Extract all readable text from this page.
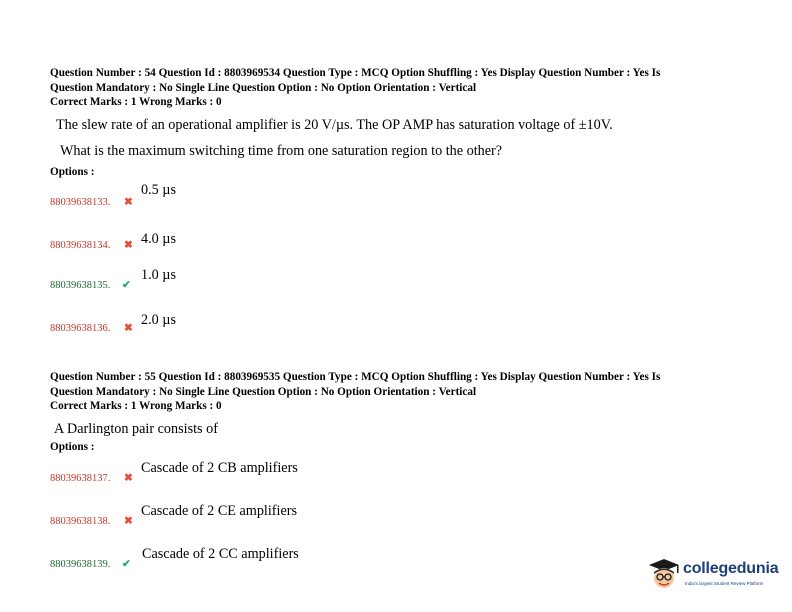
Question Number : 54 Question Id : 8803969534 Question Type : MCQ Option Shuffling : Yes Display Question Number : Yes Is
Question Mandatory : No Single Line Question Option : No Option Orientation : Vertical
Correct Marks : 1 Wrong Marks : 0
The slew rate of an operational amplifier is 20 V/µs. The OP AMP has saturation voltage of ±10V.
What is the maximum switching time from one saturation region to the other?
Options :
88039638133. ✖
0.5 µs
88039638134. ✖ 4.0 µs
88039638135. ✔
1.0 µs
88039638136. ✖
2.0 µs
Question Number : 55 Question Id : 8803969535 Question Type : MCQ Option Shuffling : Yes Display Question Number : Yes Is
Question Mandatory : No Single Line Question Option : No Option Orientation : Vertical
Correct Marks : 1 Wrong Marks : 0
A Darlington pair consists of
Options :
88039638137. ✖
Cascade of 2 CB amplifiers
88039638138. ✖
Cascade of 2 CE amplifiers
88039638139. ✔
Cascade of 2 CC amplifiers
collegedunia
India's largest Student Review Platform
